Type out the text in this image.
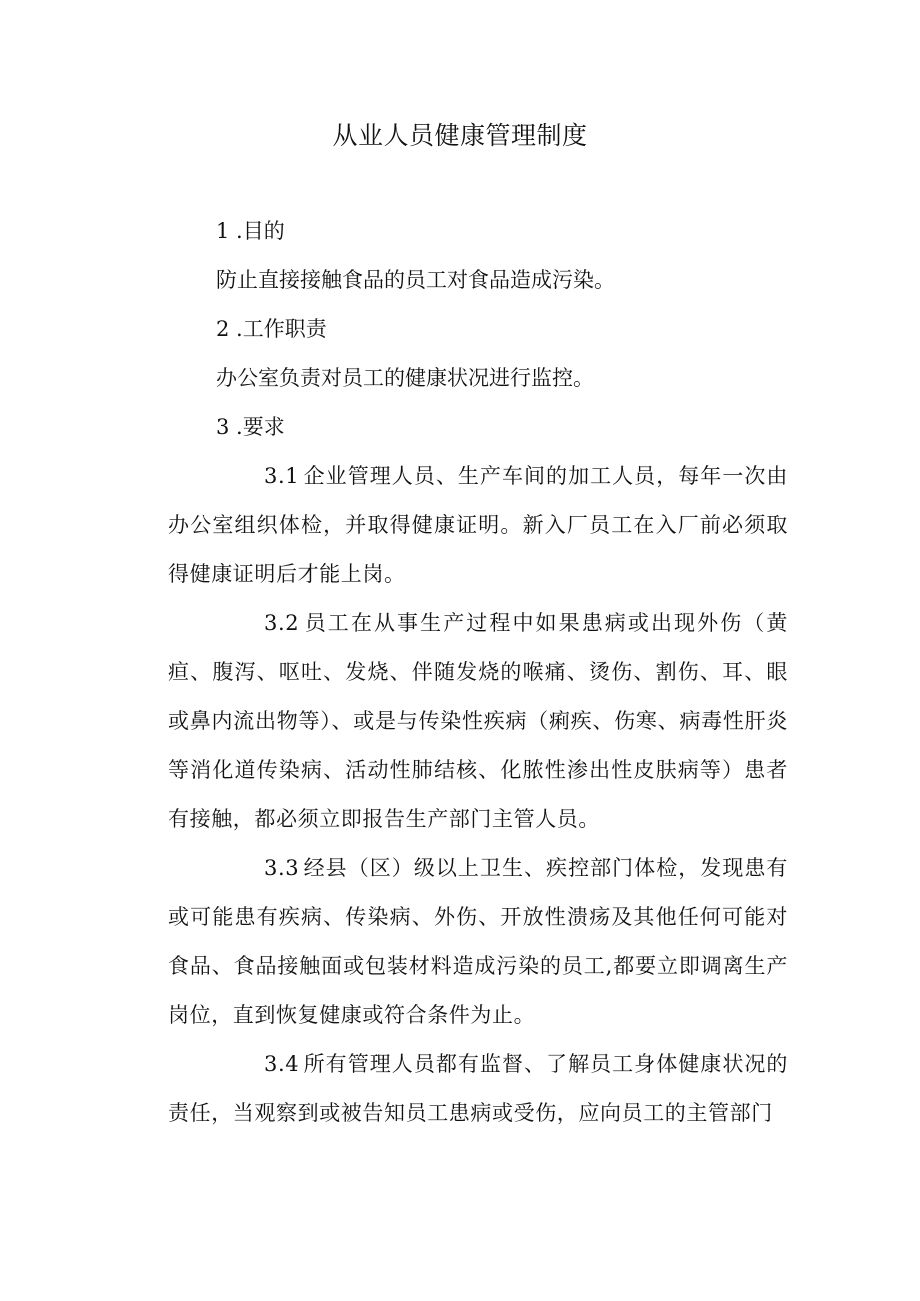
从业人员健康管理制度

1 .目的

防止直接接触食品的员工对食品造成污染。

2 .工作职责

办公室负责对员工的健康状况进行监控。

3 .要求

3.1 企业管理人员、生产车间的加工人员，每年一次由办公室组织体检，并取得健康证明。新入厂员工在入厂前必须取得健康证明后才能上岗。

3.2 员工在从事生产过程中如果患病或出现外伤（黄疸、腹泻、呕吐、发烧、伴随发烧的喉痛、烫伤、割伤、耳、眼或鼻内流出物等）、或是与传染性疾病（痢疾、伤寒、病毒性肝炎等消化道传染病、活动性肺结核、化脓性渗出性皮肤病等）患者有接触，都必须立即报告生产部门主管人员。

3.3 经县（区）级以上卫生、疾控部门体检，发现患有或可能患有疾病、传染病、外伤、开放性溃疡及其他任何可能对食品、食品接触面或包装材料造成污染的员工,都要立即调离生产岗位，直到恢复健康或符合条件为止。

3.4 所有管理人员都有监督、了解员工身体健康状况的责任，当观察到或被告知员工患病或受伤，应向员工的主管部门
